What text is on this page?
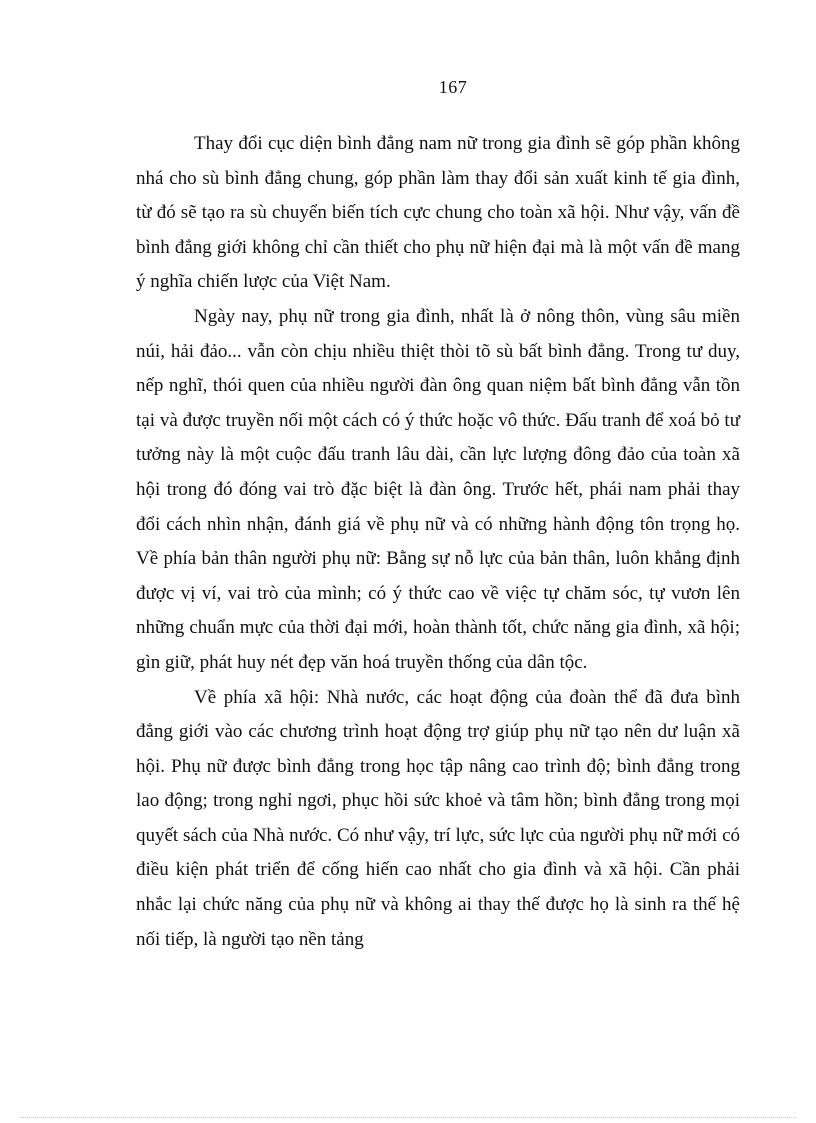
167

Thay đổi cục diện bình đẳng nam nữ trong gia đình sẽ góp phần không nhá cho sù bình đẳng chung, góp phần làm thay đổi sản xuất kinh tế gia đình, từ đó sẽ tạo ra sù chuyển biến tích cực chung cho toàn xã hội. Như vậy, vấn đề bình đẳng giới không chỉ cần thiết cho phụ nữ hiện đại mà là một vấn đề mang ý nghĩa chiến lược của Việt Nam.

Ngày nay, phụ nữ trong gia đình, nhất là ở nông thôn, vùng sâu miền núi, hải đảo... vẫn còn chịu nhiều thiệt thòi tõ sù bất bình đẳng. Trong tư duy, nếp nghĩ, thói quen của nhiều người đàn ông quan niệm bất bình đẳng vẫn tồn tại và được truyền nối một cách có ý thức hoặc vô thức. Đấu tranh để xoá bỏ tư tưởng này là một cuộc đấu tranh lâu dài, cần lực lượng đông đảo của toàn xã hội trong đó đóng vai trò đặc biệt là đàn ông. Trước hết, phái nam phải thay đổi cách nhìn nhận, đánh giá về phụ nữ và có những hành động tôn trọng họ. Về phía bản thân người phụ nữ: Bằng sự nỗ lực của bản thân, luôn khẳng định được vị ví, vai trò của mình; có ý thức cao về việc tự chăm sóc, tự vươn lên những chuẩn mực của thời đại mới, hoàn thành tốt, chức năng gia đình, xã hội; gìn giữ, phát huy nét đẹp văn hoá truyền thống của dân tộc.

Về phía xã hội: Nhà nước, các hoạt động của đoàn thể đã đưa bình đẳng giới vào các chương trình hoạt động trợ giúp phụ nữ tạo nên dư luận xã hội. Phụ nữ được bình đẳng trong học tập nâng cao trình độ; bình đẳng trong lao động; trong nghỉ ngơi, phục hồi sức khoẻ và tâm hồn; bình đẳng trong mọi quyết sách của Nhà nước. Có như vậy, trí lực, sức lực của người phụ nữ mới có điều kiện phát triển để cống hiến cao nhất cho gia đình và xã hội. Cần phải nhắc lại chức năng của phụ nữ và không ai thay thế được họ là sinh ra thế hệ nối tiếp, là người tạo nền tảng
